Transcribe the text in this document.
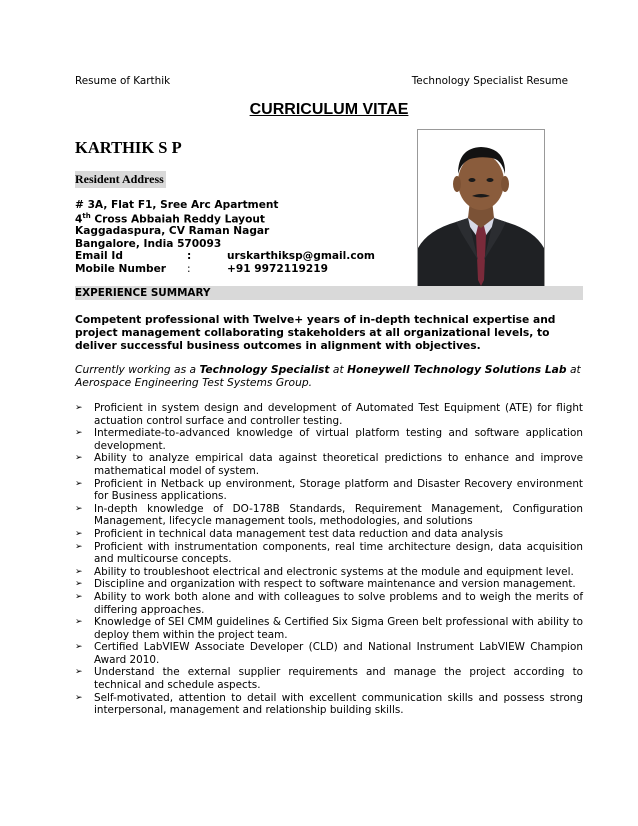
Resume of Karthik	Technology Specialist Resume
CURRICULUM VITAE
KARTHIK S P
Resident Address
# 3A, Flat F1, Sree Arc Apartment
4th Cross Abbaiah Reddy Layout
Kaggadaspura, CV Raman Nagar
Bangalore, India 570093
Email Id	:	urskarthiksp@gmail.com
Mobile Number :	+91 9972119219
EXPERIENCE SUMMARY
Competent professional with Twelve+ years of in-depth technical expertise and project management collaborating stakeholders at all organizational levels, to deliver successful business outcomes in alignment with objectives.
Currently working as a Technology Specialist at Honeywell Technology Solutions Lab at Aerospace Engineering Test Systems Group.
➢ Proficient in system design and development of Automated Test Equipment (ATE) for flight actuation control surface and controller testing.
➢ Intermediate-to-advanced knowledge of virtual platform testing and software application development.
➢ Ability to analyze empirical data against theoretical predictions to enhance and improve mathematical model of system.
➢ Proficient in Netback up environment, Storage platform and Disaster Recovery environment for Business applications.
➢ In-depth knowledge of DO-178B Standards, Requirement Management, Configuration Management, lifecycle management tools, methodologies, and solutions
➢ Proficient in technical data management test data reduction and data analysis
➢ Proficient with instrumentation components, real time architecture design, data acquisition and multicourse concepts.
➢ Ability to troubleshoot electrical and electronic systems at the module and equipment level.
➢ Discipline and organization with respect to software maintenance and version management.
➢ Ability to work both alone and with colleagues to solve problems and to weigh the merits of differing approaches.
➢ Knowledge of SEI CMM guidelines & Certified Six Sigma Green belt professional with ability to deploy them within the project team.
➢ Certified LabVIEW Associate Developer (CLD) and National Instrument LabVIEW Champion Award 2010.
➢ Understand the external supplier requirements and manage the project according to technical and schedule aspects.
➢ Self-motivated, attention to detail with excellent communication skills and possess strong interpersonal, management and relationship building skills.
